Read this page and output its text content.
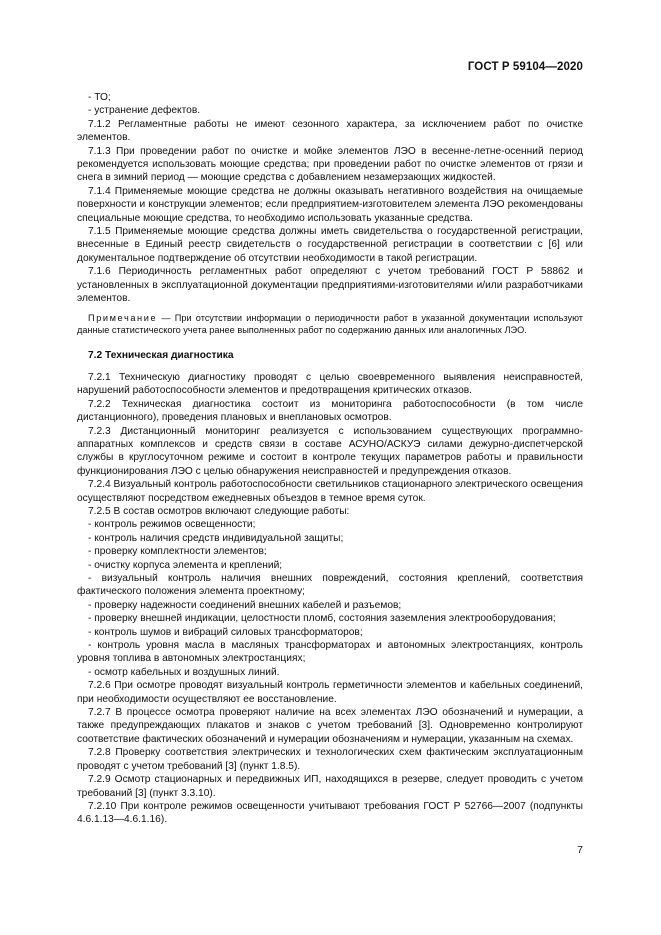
ГОСТ Р 59104—2020

- ТО;

- устранение дефектов.

7.1.2 Регламентные работы не имеют сезонного характера, за исключением работ по очистке элементов.

7.1.3 При проведении работ по очистке и мойке элементов ЛЭО в весенне-летне-осенний период рекомендуется использовать моющие средства; при проведении работ по очистке элементов от грязи и снега в зимний период — моющие средства с добавлением незамерзающих жидкостей.

7.1.4 Применяемые моющие средства не должны оказывать негативного воздействия на очищаемые поверхности и конструкции элементов; если предприятием-изготовителем элемента ЛЭО рекомендованы специальные моющие средства, то необходимо использовать указанные средства.

7.1.5 Применяемые моющие средства должны иметь свидетельства о государственной регистрации, внесенные в Единый реестр свидетельств о государственной регистрации в соответствии с [6] или документальное подтверждение об отсутствии необходимости в такой регистрации.

7.1.6 Периодичность регламентных работ определяют с учетом требований ГОСТ Р 58862 и установленных в эксплуатационной документации предприятиями-изготовителями и/или разработчиками элементов.

Примечание — При отсутствии информации о периодичности работ в указанной документации используют данные статистического учета ранее выполненных работ по содержанию данных или аналогичных ЛЭО.

7.2 Техническая диагностика

7.2.1 Техническую диагностику проводят с целью своевременного выявления неисправностей, нарушений работоспособности элементов и предотвращения критических отказов.

7.2.2 Техническая диагностика состоит из мониторинга работоспособности (в том числе дистанционного), проведения плановых и внеплановых осмотров.

7.2.3 Дистанционный мониторинг реализуется с использованием существующих программно-аппаратных комплексов и средств связи в составе АСУНО/АСКУЭ силами дежурно-диспетчерской службы в круглосуточном режиме и состоит в контроле текущих параметров работы и правильности функционирования ЛЭО с целью обнаружения неисправностей и предупреждения отказов.

7.2.4 Визуальный контроль работоспособности светильников стационарного электрического освещения осуществляют посредством ежедневных объездов в темное время суток.

7.2.5 В состав осмотров включают следующие работы:

- контроль режимов освещенности;

- контроль наличия средств индивидуальной защиты;

- проверку комплектности элементов;

- очистку корпуса элемента и креплений;

- визуальный контроль наличия внешних повреждений, состояния креплений, соответствия фактического положения элемента проектному;

- проверку надежности соединений внешних кабелей и разъемов;

- проверку внешней индикации, целостности пломб, состояния заземления электрооборудования;

- контроль шумов и вибраций силовых трансформаторов;

- контроль уровня масла в масляных трансформаторах и автономных электростанциях, контроль уровня топлива в автономных электростанциях;

- осмотр кабельных и воздушных линий.

7.2.6 При осмотре проводят визуальный контроль герметичности элементов и кабельных соединений, при необходимости осуществляют ее восстановление.

7.2.7 В процессе осмотра проверяют наличие на всех элементах ЛЭО обозначений и нумерации, а также предупреждающих плакатов и знаков с учетом требований [3]. Одновременно контролируют соответствие фактических обозначений и нумерации обозначениям и нумерации, указанным на схемах.

7.2.8 Проверку соответствия электрических и технологических схем фактическим эксплуатационным проводят с учетом требований [3] (пункт 1.8.5).

7.2.9 Осмотр стационарных и передвижных ИП, находящихся в резерве, следует проводить с учетом требований [3] (пункт 3.3.10).

7.2.10 При контроле режимов освещенности учитывают требования ГОСТ Р 52766—2007 (подпункты 4.6.1.13—4.6.1.16).

7
